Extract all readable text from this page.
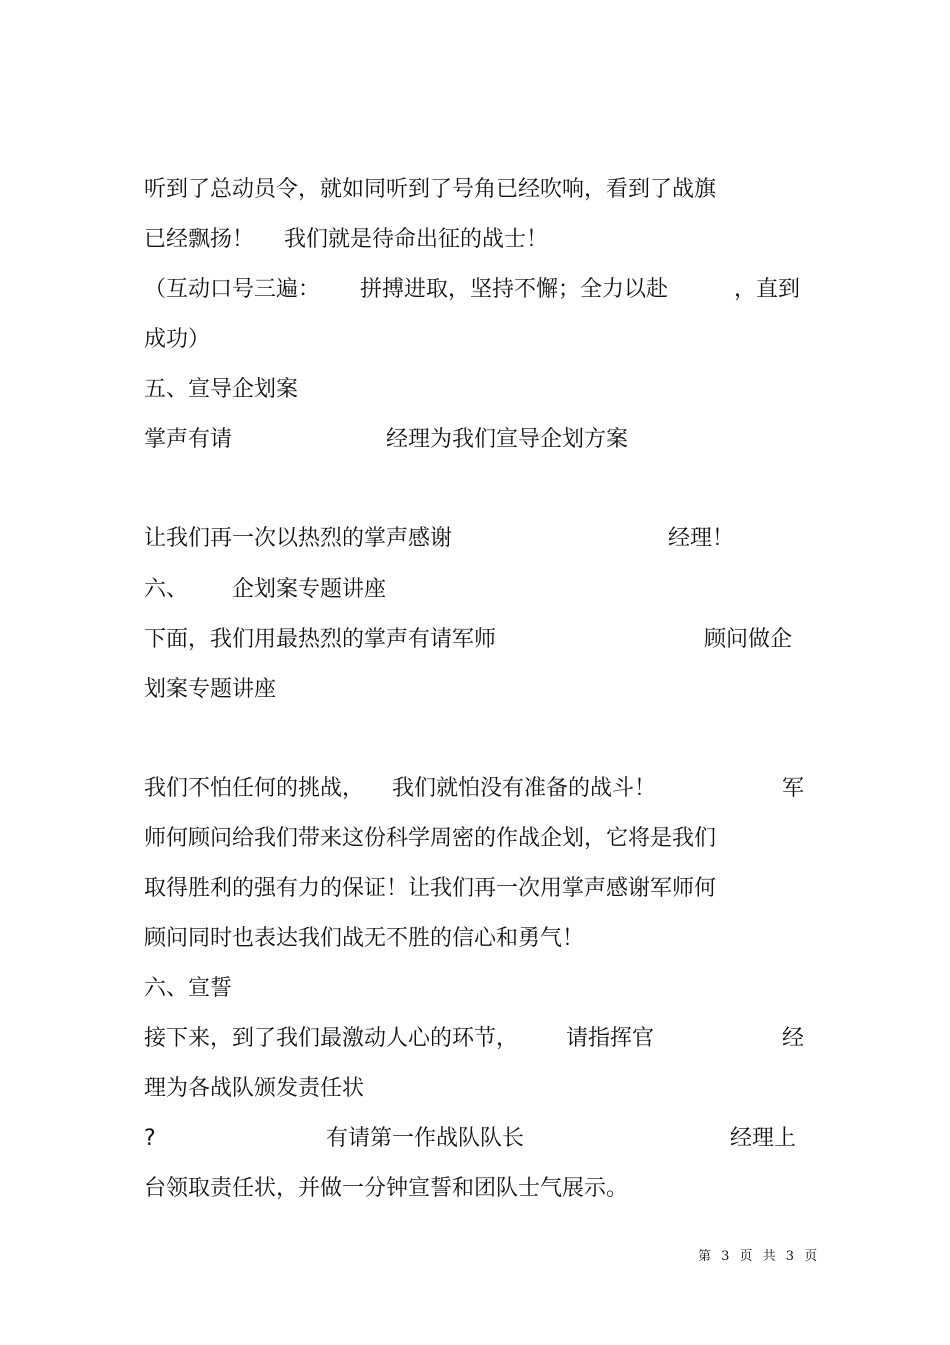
听到了总动员令，就如同听到了号角已经吹响，看到了战旗
已经飘扬！ 我们就是待命出征的战士！
（互动口号三遍： 拼搏进取，坚持不懈；全力以赴	，直到
成功）
五、宣导企划案
掌声有请	经理为我们宣导企划方案
让我们再一次以热烈的掌声感谢	经理！
六、 企划案专题讲座
下面，我们用最热烈的掌声有请军师	顾问做企
划案专题讲座
我们不怕任何的挑战， 我们就怕没有准备的战斗！	军
师何顾问给我们带来这份科学周密的作战企划，它将是我们
取得胜利的强有力的保证！让我们再一次用掌声感谢军师何
顾问同时也表达我们战无不胜的信心和勇气！
六、宣誓
接下来，到了我们最激动人心的环节， 请指挥官	经
理为各战队颁发责任状
?	有请第一作战队队长	经理上
台领取责任状，并做一分钟宣誓和团队士气展示。
第 3 页 共 3 页
